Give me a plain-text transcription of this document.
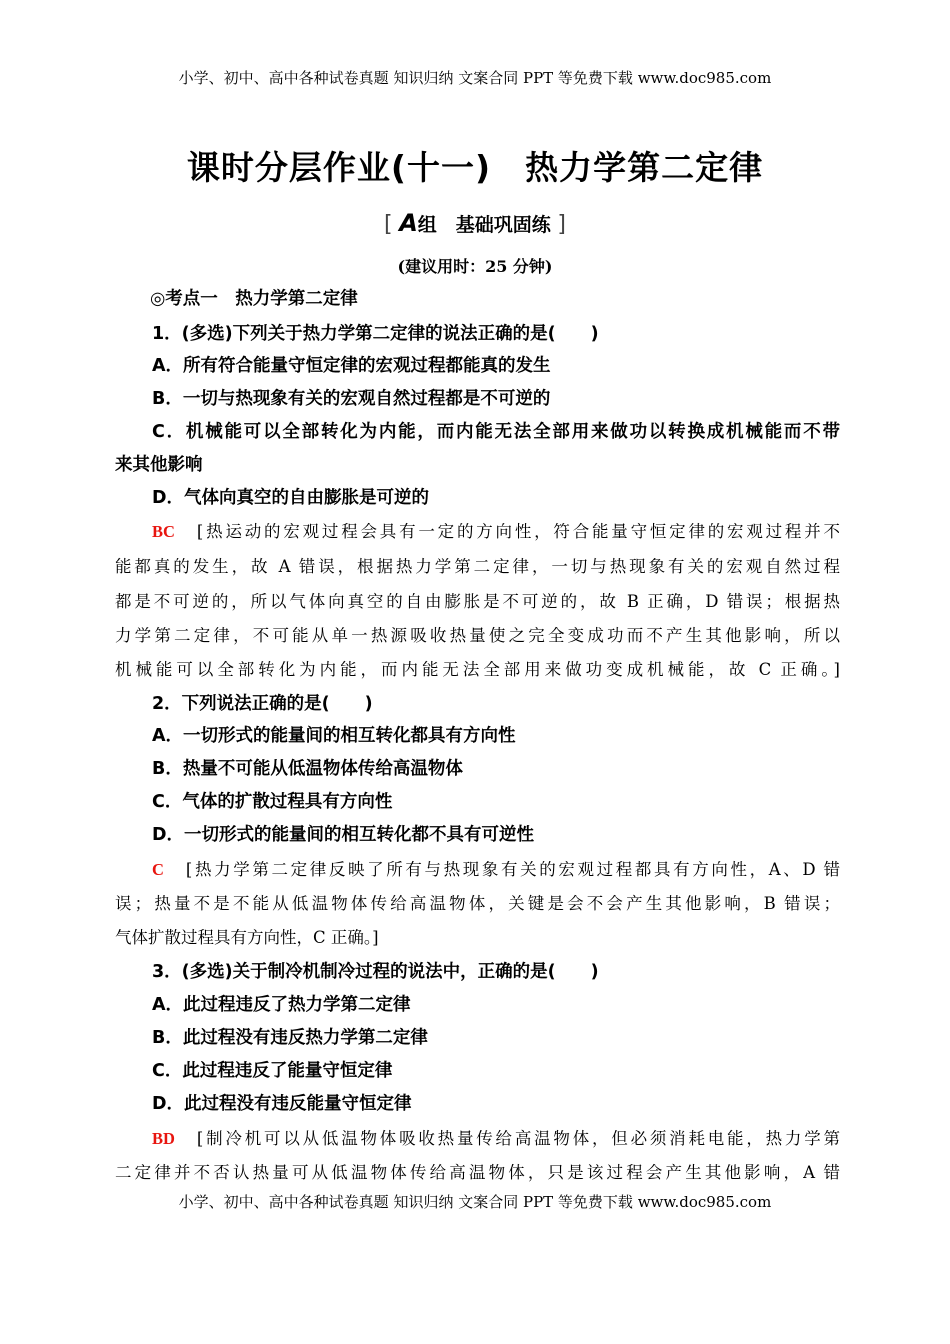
小学、初中、高中各种试卷真题 知识归纳 文案合同 PPT 等免费下载 www.doc985.com
课时分层作业(十一)　热力学第二定律
[ A组　基础巩固练 ]
(建议用时：25 分钟)
◎考点一　热力学第二定律
1．(多选)下列关于热力学第二定律的说法正确的是(　　)
A．所有符合能量守恒定律的宏观过程都能真的发生
B．一切与热现象有关的宏观自然过程都是不可逆的
C．机械能可以全部转化为内能，而内能无法全部用来做功以转换成机械能而不带
来其他影响
D．气体向真空的自由膨胀是可逆的
BC [热运动的宏观过程会具有一定的方向性，符合能量守恒定律的宏观过程并不
能都真的发生，故 A 错误，根据热力学第二定律，一切与热现象有关的宏观自然过程
都是不可逆的，所以气体向真空的自由膨胀是不可逆的，故 B 正确，D 错误；根据热
力学第二定律，不可能从单一热源吸收热量使之完全变成功而不产生其他影响，所以
机械能可以全部转化为内能，而内能无法全部用来做功变成机械能，故 C 正确。]
2．下列说法正确的是(　　)
A．一切形式的能量间的相互转化都具有方向性
B．热量不可能从低温物体传给高温物体
C．气体的扩散过程具有方向性
D．一切形式的能量间的相互转化都不具有可逆性
C [热力学第二定律反映了所有与热现象有关的宏观过程都具有方向性，A、D 错
误；热量不是不能从低温物体传给高温物体，关键是会不会产生其他影响，B 错误；
气体扩散过程具有方向性，C 正确。]
3．(多选)关于制冷机制冷过程的说法中，正确的是(　　)
A．此过程违反了热力学第二定律
B．此过程没有违反热力学第二定律
C．此过程违反了能量守恒定律
D．此过程没有违反能量守恒定律
BD [制冷机可以从低温物体吸收热量传给高温物体，但必须消耗电能，热力学第
二定律并不否认热量可从低温物体传给高温物体，只是该过程会产生其他影响，A 错
小学、初中、高中各种试卷真题 知识归纳 文案合同 PPT 等免费下载 www.doc985.com
